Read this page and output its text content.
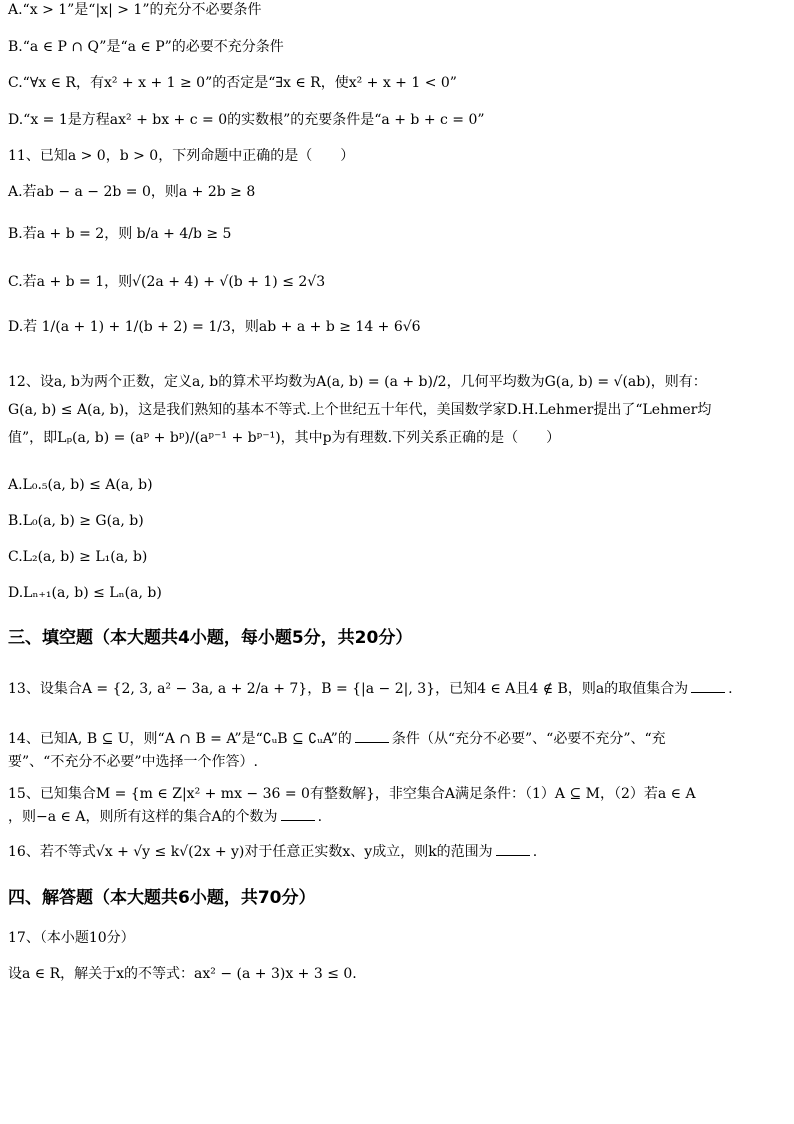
A.“x > 1”是“|x| > 1”的充分不必要条件
B.“a ∈ P ∩ Q”是“a ∈ P”的必要不充分条件
C.“∀x ∈ R，有x² + x + 1 ≥ 0”的否定是“∃x ∈ R，使x² + x + 1 < 0”
D.“x = 1是方程ax² + bx + c = 0的实数根”的充要条件是“a + b + c = 0”
11、已知a > 0，b > 0，下列命题中正确的是（　　）
A.若ab − a − 2b = 0，则a + 2b ≥ 8
B.若a + b = 2，则 b/a + 4/b ≥ 5
C.若a + b = 1，则√(2a + 4) + √(b + 1) ≤ 2√3
D.若 1/(a + 1) + 1/(b + 2) = 1/3，则ab + a + b ≥ 14 + 6√6
12、设a, b为两个正数，定义a, b的算术平均数为A(a, b) = (a + b)/2，几何平均数为G(a, b) = √(ab)，则有：
G(a, b) ≤ A(a, b)，这是我们熟知的基本不等式.上个世纪五十年代，美国数学家D.H.Lehmer提出了“Lehmer均
值”，即Lₚ(a, b) = (aᵖ + bᵖ)/(aᵖ⁻¹ + bᵖ⁻¹)，其中p为有理数.下列关系正确的是（　　）
A.L₀.₅(a, b) ≤ A(a, b)
B.L₀(a, b) ≥ G(a, b)
C.L₂(a, b) ≥ L₁(a, b)
D.Lₙ₊₁(a, b) ≤ Lₙ(a, b)
三、填空题（本大题共4小题，每小题5分，共20分）
13、设集合A = {2, 3, a² − 3a, a + 2/a + 7}，B = {|a − 2|, 3}，已知4 ∈ A且4 ∉ B，则a的取值集合为	.
14、已知A, B ⊆ U，则“A ∩ B = A”是“∁ᵤB ⊆ ∁ᵤA”的	条件（从“充分不必要”、“必要不充分”、“充
要”、“不充分不必要”中选择一个作答）.
15、已知集合M = {m ∈ Z|x² + mx − 36 = 0有整数解}，非空集合A满足条件：（1）A ⊆ M，（2）若a ∈ A
，则−a ∈ A，则所有这样的集合A的个数为	.
16、若不等式√x + √y ≤ k√(2x + y)对于任意正实数x、y成立，则k的范围为	.
四、解答题（本大题共6小题，共70分）
17、（本小题10分）
设a ∈ R，解关于x的不等式：ax² − (a + 3)x + 3 ≤ 0.
